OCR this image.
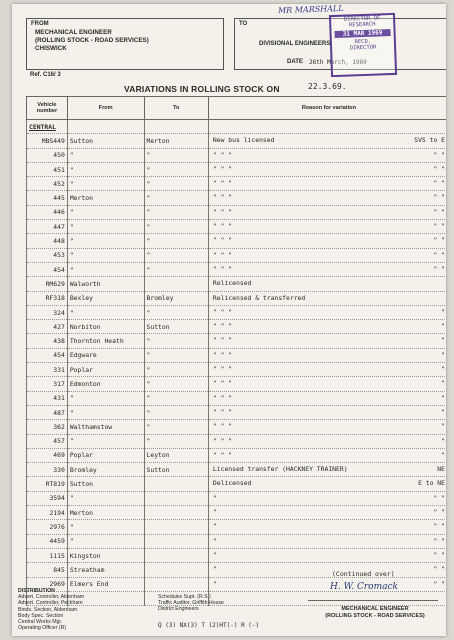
FROM
MECHANICAL ENGINEER
(ROLLING STOCK - ROAD SERVICES)
CHISWICK
TO
DIVISIONAL ENGINEERS
DATE 26th March, 1969
Ref. C16/ 3
MR MARSHALL
DIRECTOR OF
RESEARCH
31 MAR 1969
RECD.
DIRECTOR
VARIATIONS IN ROLLING STOCK ON	22.3.69.
Vehicle number	From	To	Reason for variation
CENTRAL			

MBS449	Sutton	Merton	New bus licensed SVS to E

450	"	"	" " " " "

451	"	"	" " " " "

452	"	"	" " " " "

445	Merton	"	" " " " "

446	"	"	" " " " "

447	"	"	" " " " "

448	"	"	" " " " "

453	"	"	" " " " "

454	"	"	" " " " "

RM629	Walworth		Relicensed

RF318	Bexley	Bromley	Relicensed & transferred

324	"	"	" " " "

427	Norbiton	Sutton	" " " "

438	Thornton Heath	"	" " " "

454	Edgware	"	" " " "

331	Poplar	"	" " " "

317	Edmonton	"	" " " "

431	"	"	" " " "

487	"	"	" " " "

362	Walthamstow	"	" " " "

457	"	"	" " " "

469	Poplar	Leyton	" " " "

330	Bromley	Sutton	Licensed transfer (HACKNEY TRAINER) NE

RT819	Sutton		Delicensed E to NE

3594	"		" " "

2194	Merton		" " "

2976	"		" " "

4459	"		" " "

1115	Kingston		" " "

845	Streatham		" " "

2969	Elmers End		" " "

(Continued over)
DISTRIBUTION
Advert. Controller, Aldenham
Advert. Controller, Peckham
Binds. Section, Aldenham
Body Spec. Section
Central Works Mgr.
Operating Officer (R)
Schedules Supt. (R.S.)
Traffic Auditor, Griffith House
District Engineers
Q (3) NX(3) T (2)HT(-) R (-)
H. W. Cromack
MECHANICAL ENGINEER
(ROLLING STOCK - ROAD SERVICES)
